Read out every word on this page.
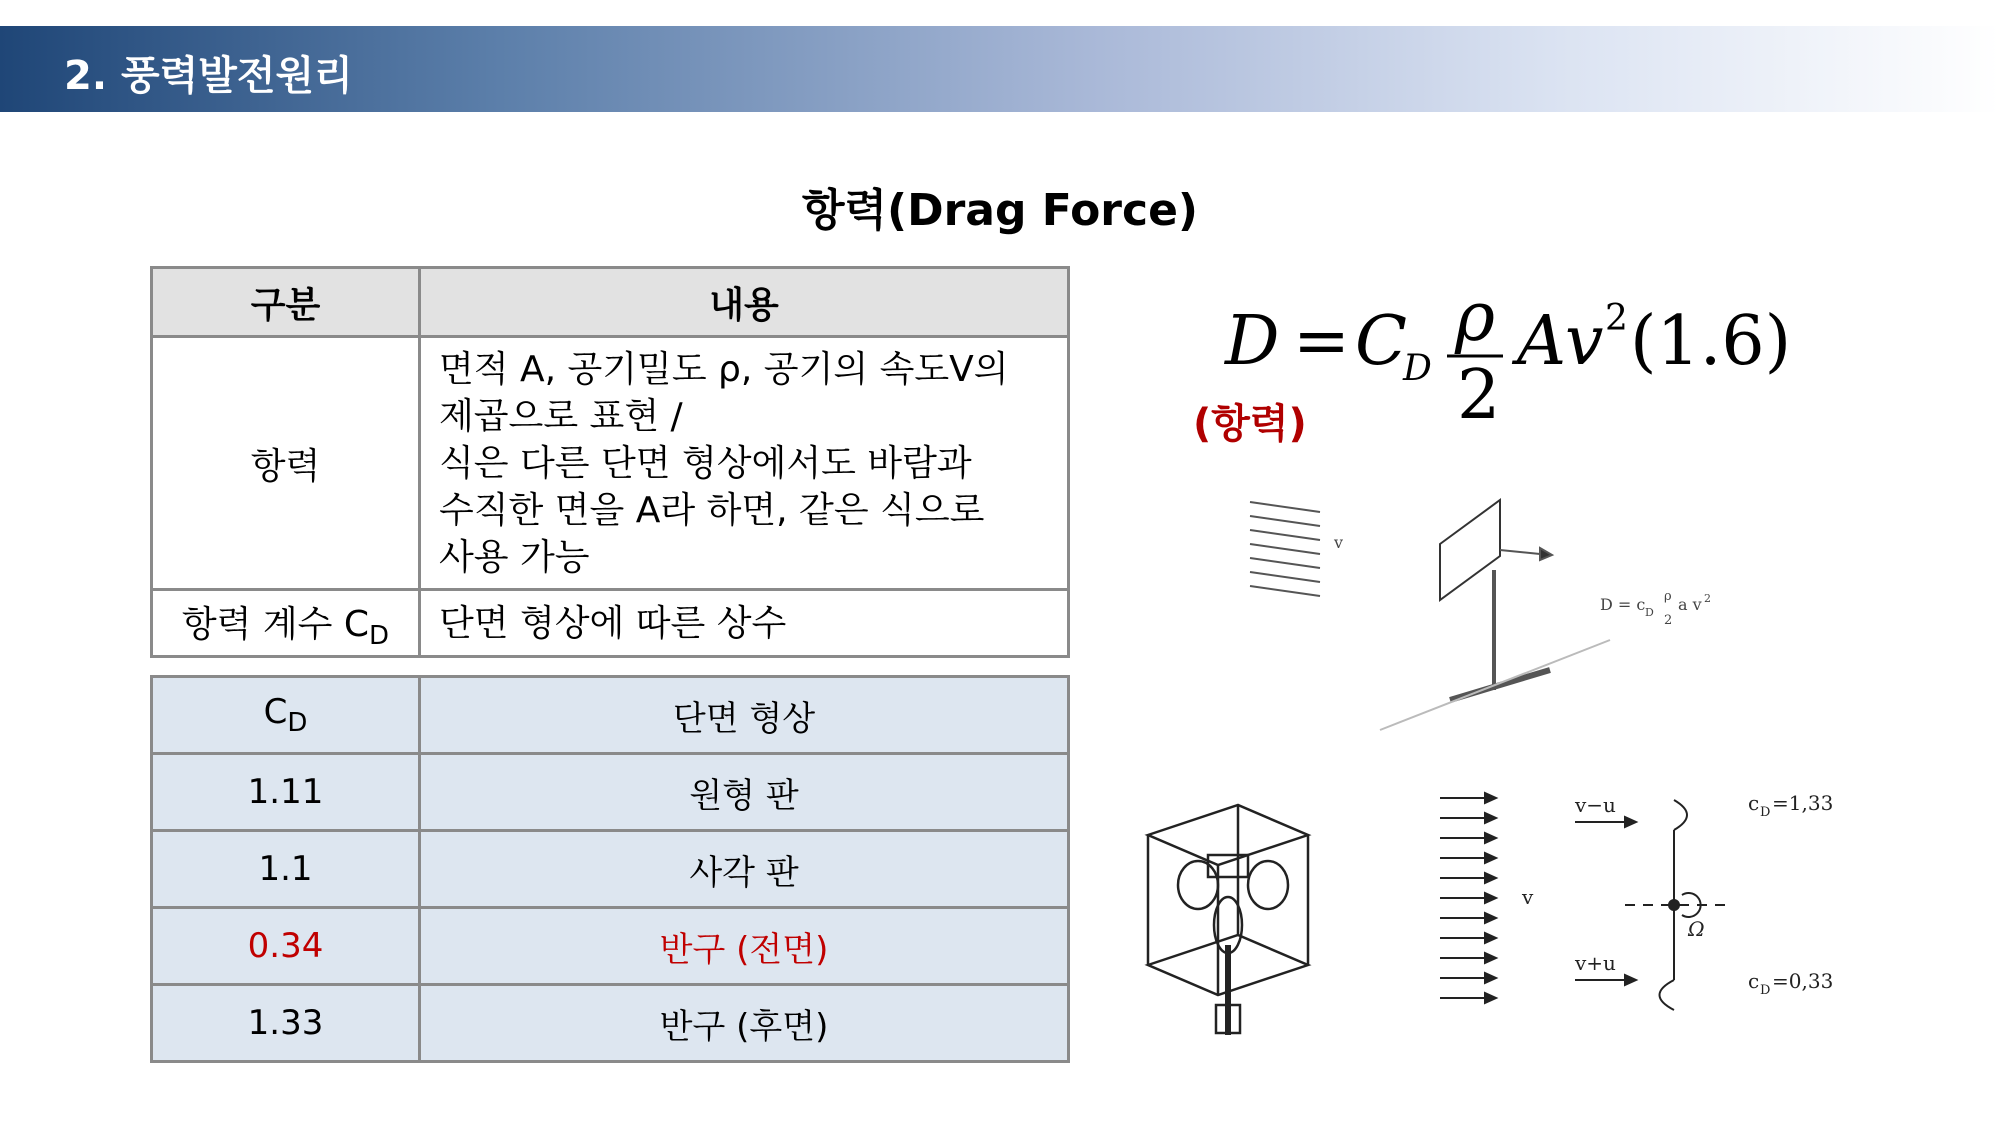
2. 풍력발전원리
항력(Drag Force)
구분	내용
항력	면적 A, 공기밀도 ρ, 공기의 속도V의
제곱으로 표현 /
식은 다른 단면 형상에서도 바람과
수직한 면을 A라 하면, 같은 식으로
사용 가능

항력 계수 $C_D$	단면 형상에 따른 상수
$C_D$	단면 형상
1.11	원형 판
1.1	사각 판
0.34	반구 (전면)
1.33	반구 (후면)
D = C
D
ρ
2
A
v 2 (1.6)
(항력)
v
D = c D
ρ
2
a v 2
v
v−u
v+u
Ω
c D =1,33
c D =0,33
